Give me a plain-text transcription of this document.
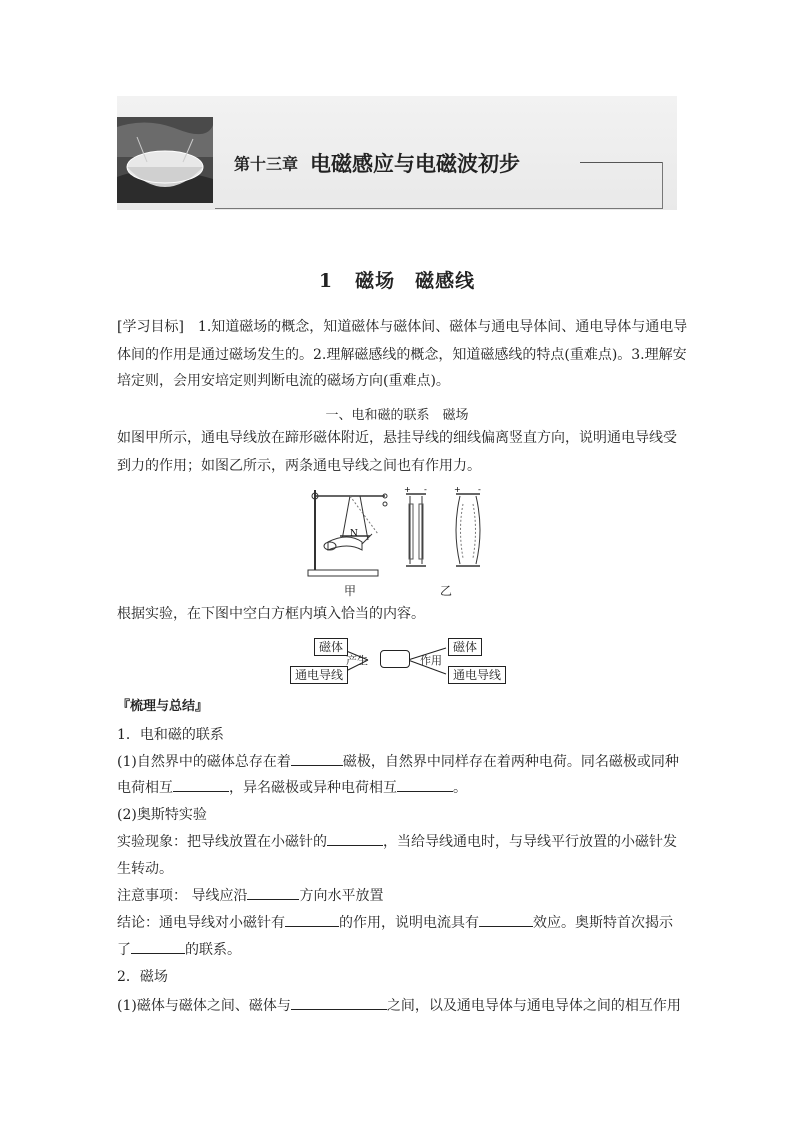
第十三章 电磁感应与电磁波初步
1 磁场　磁感线
[学习目标]　1.知道磁场的概念，知道磁体与磁体间、磁体与通电导体间、通电导体与通电导
体间的作用是通过磁场发生的。2.理解磁感线的概念，知道磁感线的特点(重难点)。3.理解安
培定则，会用安培定则判断电流的磁场方向(重难点)。
一、电和磁的联系　磁场
如图甲所示，通电导线放在蹄形磁体附近，悬挂导线的细线偏离竖直方向，说明通电导线受
到力的作用；如图乙所示，两条通电导线之间也有作用力。
N
+ -	+ -
甲	乙
根据实验，在下图中空白方框内填入恰当的内容。
磁体
通电导线
产生	作用
磁体
通电导线
『梳理与总结』
1．电和磁的联系
(1)自然界中的磁体总存在着	磁极，自然界中同样存在着两种电荷。同名磁极或同种
电荷相互	，异名磁极或异种电荷相互	。
(2)奥斯特实验
实验现象：把导线放置在小磁针的	，当给导线通电时，与导线平行放置的小磁针发
生转动。
注意事项： 导线应沿	方向水平放置
结论：通电导线对小磁针有	的作用，说明电流具有	效应。奥斯特首次揭示
了	的联系。
2．磁场
(1)磁体与磁体之间、磁体与	之间，以及通电导体与通电导体之间的相互作用
